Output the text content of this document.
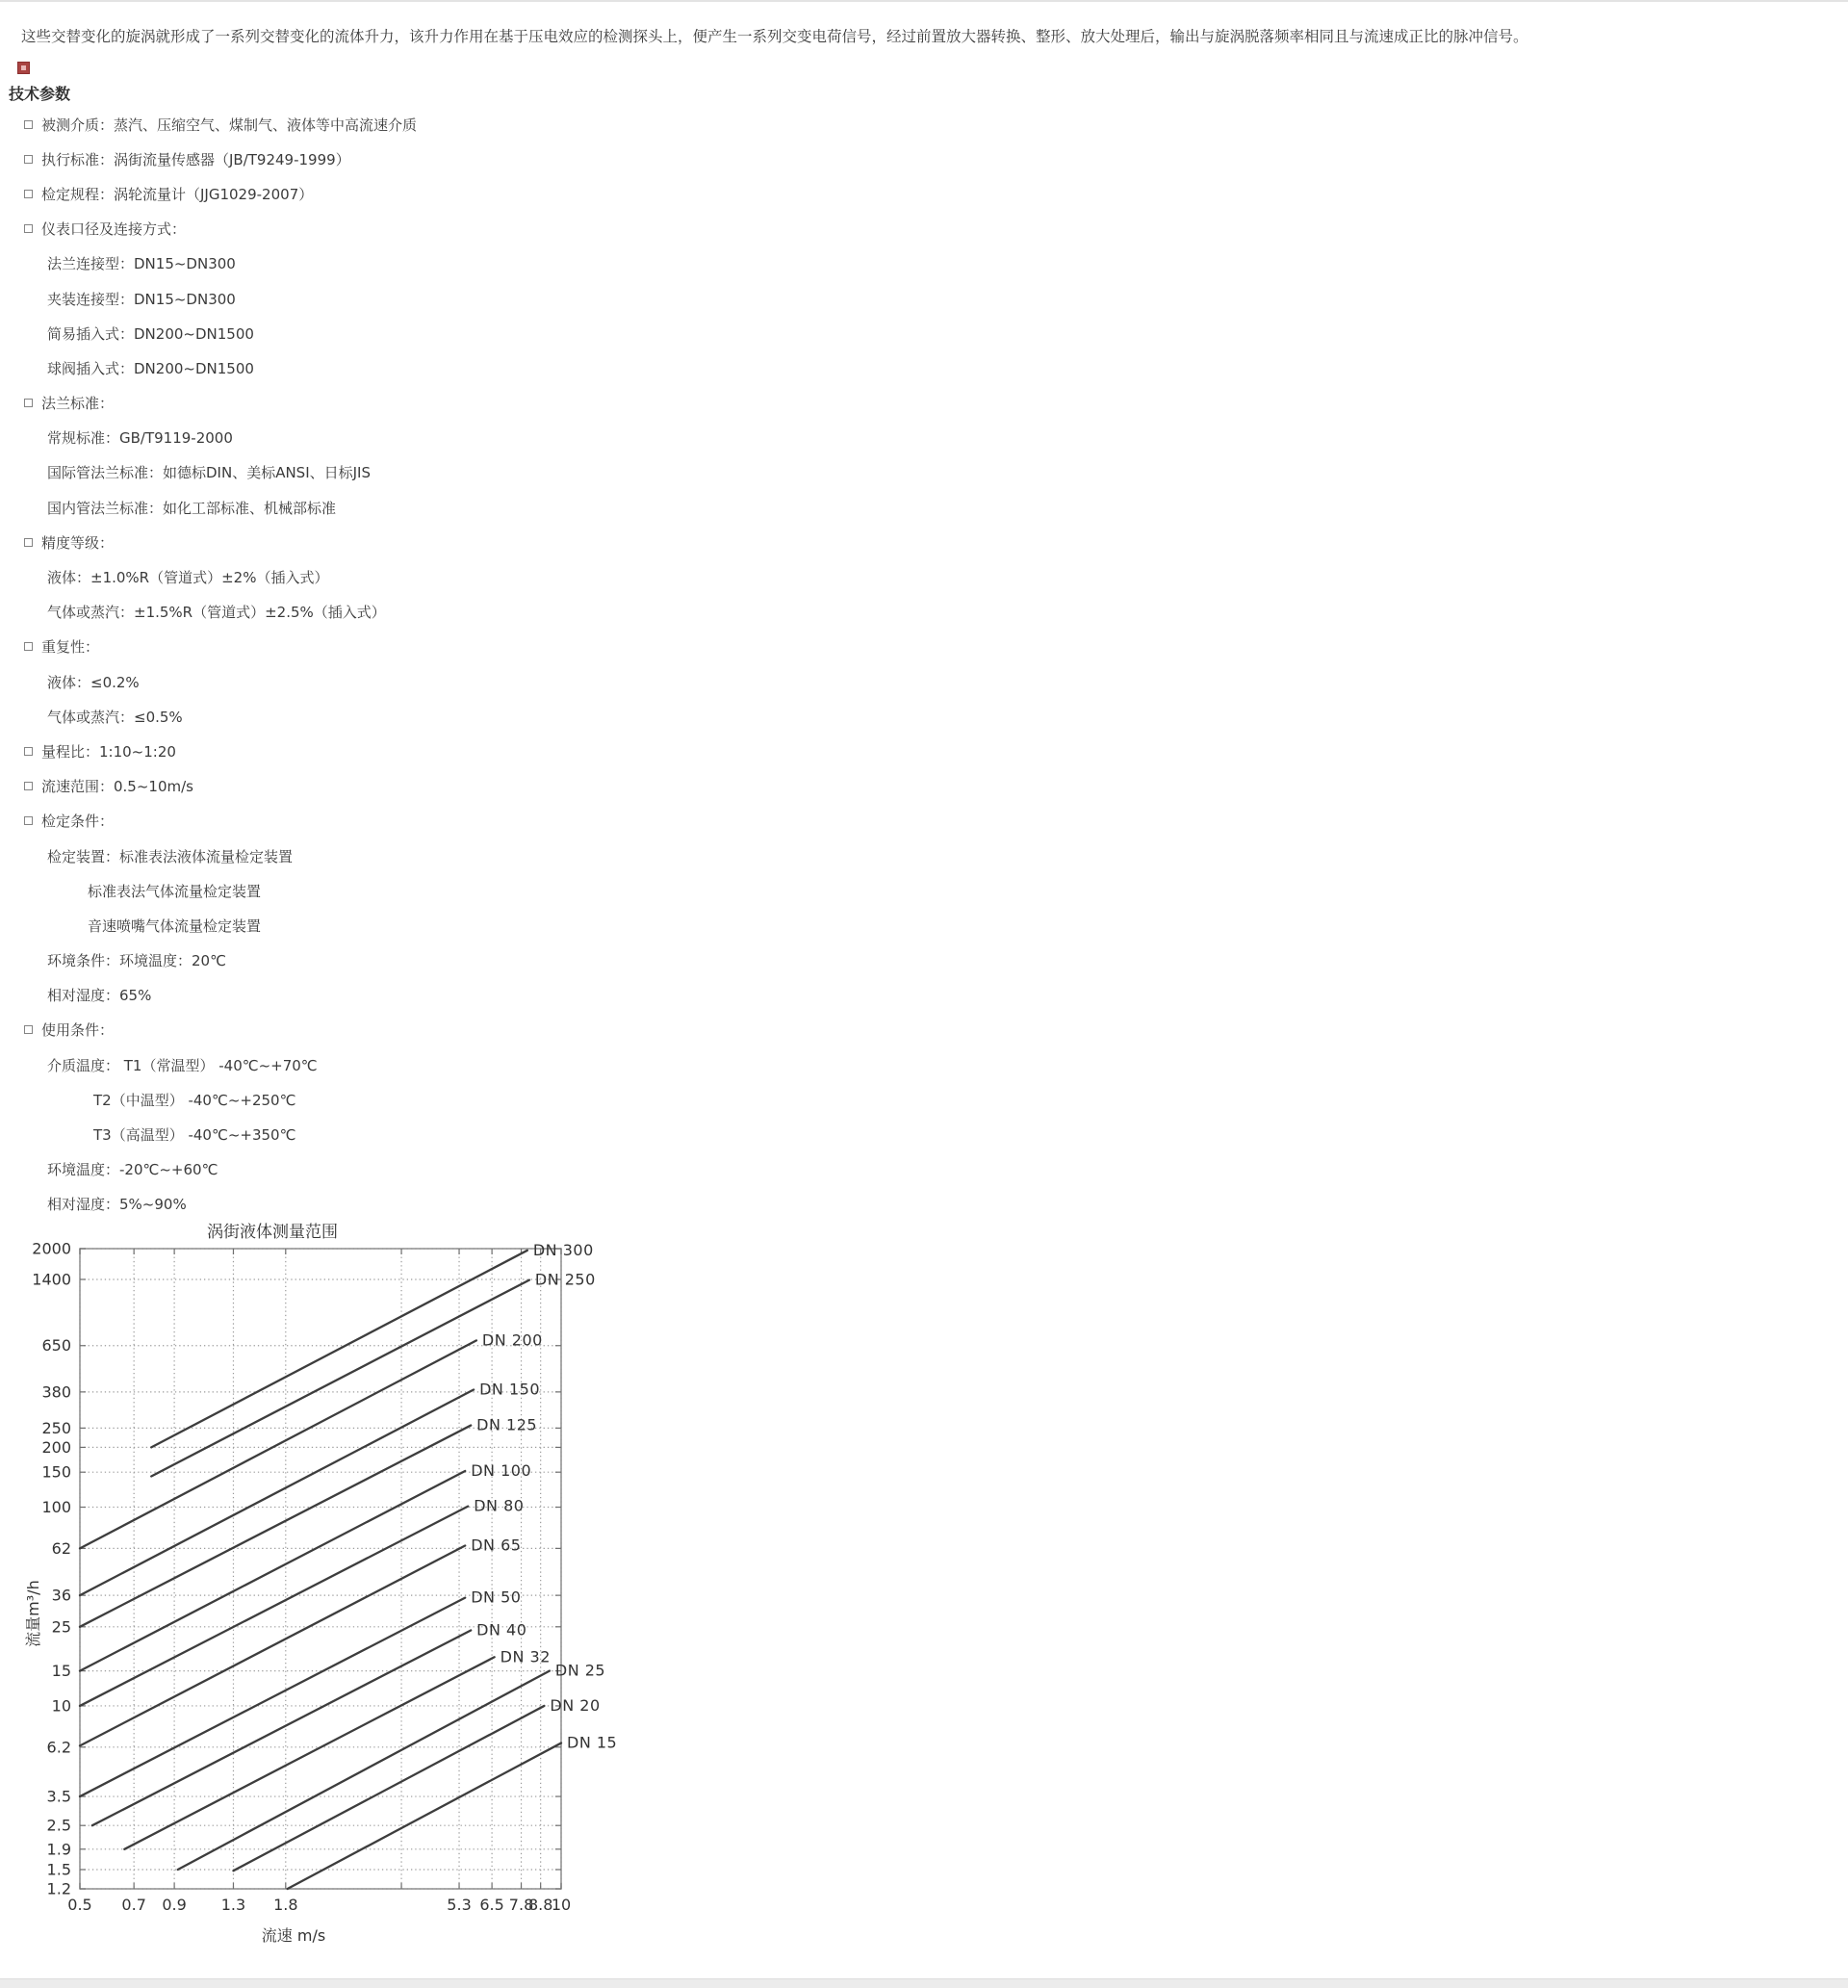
这些交替变化的旋涡就形成了一系列交替变化的流体升力，该升力作用在基于压电效应的检测探头上，便产生一系列交变电荷信号，经过前置放大器转换、整形、放大处理后，输出与旋涡脱落频率相同且与流速成正比的脉冲信号。

技术参数
被测介质：蒸汽、压缩空气、煤制气、液体等中高流速介质
执行标准：涡街流量传感器（JB/T9249-1999）
检定规程：涡轮流量计（JJG1029-2007）
仪表口径及连接方式：
法兰连接型：DN15~DN300
夹装连接型：DN15~DN300
简易插入式：DN200~DN1500
球阀插入式：DN200~DN1500
法兰标准：
常规标准：GB/T9119-2000
国际管法兰标准：如德标DIN、美标ANSI、日标JIS
国内管法兰标准：如化工部标准、机械部标准
精度等级：
液体：±1.0%R（管道式）±2%（插入式）
气体或蒸汽：±1.5%R（管道式）±2.5%（插入式）
重复性：
液体：≤0.2%
气体或蒸汽：≤0.5%
量程比：1:10~1:20
流速范围：0.5~10m/s
检定条件：
检定装置：标准表法液体流量检定装置
标准表法气体流量检定装置
音速喷嘴气体流量检定装置
环境条件：环境温度：20℃
相对湿度：65%
使用条件：
介质温度： T1（常温型） -40℃~+70℃
T2（中温型） -40℃~+250℃
T3（高温型） -40℃~+350℃
环境温度：-20℃~+60℃
相对湿度：5%~90%
0.5 0.7 0.9 1.3 1.8	5.3 6.5 7.8
8.8
10
2000
1400
650
380
250
200
150
100
62
36
25
15
10
6.2
3.5
2.5
1.9
1.5
1.2
DN 300
DN 250
DN 200
DN 150
DN 125
DN 100
DN 80
DN 65
DN 50
DN 40
DN 32
DN 25
DN 20
DN 15
涡街液体测量范围
流速 m/s
流量m³/h
